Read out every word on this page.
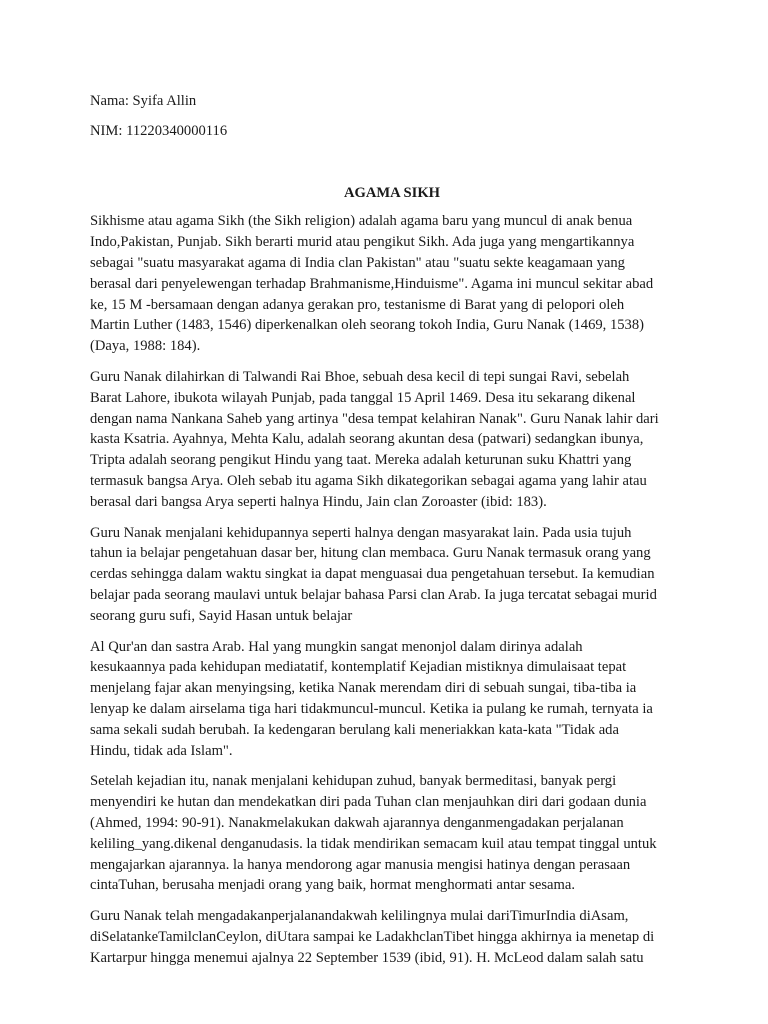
Nama: Syifa Allin

NIM: 11220340000116

AGAMA SIKH

Sikhisme atau agama Sikh (the Sikh religion) adalah agama baru yang muncul di anak benua
Indo,Pakistan, Punjab. Sikh berarti murid atau pengikut Sikh. Ada juga yang mengartikannya
sebagai "suatu masyarakat agama di India clan Pakistan" atau "suatu sekte keagamaan yang
berasal dari penyelewengan terhadap Brahmanisme,Hinduisme". Agama ini muncul sekitar abad
ke, 15 M -bersamaan dengan adanya gerakan pro, testanisme di Barat yang di pelopori oleh
Martin Luther (1483, 1546) diperkenalkan oleh seorang tokoh India, Guru Nanak (1469, 1538)
(Daya, 1988: 184).

Guru Nanak dilahirkan di Talwandi Rai Bhoe, sebuah desa kecil di tepi sungai Ravi, sebelah
Barat Lahore, ibukota wilayah Punjab, pada tanggal 15 April 1469. Desa itu sekarang dikenal
dengan nama Nankana Saheb yang artinya "desa tempat kelahiran Nanak". Guru Nanak lahir dari
kasta Ksatria. Ayahnya, Mehta Kalu, adalah seorang akuntan desa (patwari) sedangkan ibunya,
Tripta adalah seorang pengikut Hindu yang taat. Mereka adalah keturunan suku Khattri yang
termasuk bangsa Arya. Oleh sebab itu agama Sikh dikategorikan sebagai agama yang lahir atau
berasal dari bangsa Arya seperti halnya Hindu, Jain clan Zoroaster (ibid: 183).

Guru Nanak menjalani kehidupannya seperti halnya dengan masyarakat lain. Pada usia tujuh
tahun ia belajar pengetahuan dasar ber, hitung clan membaca. Guru Nanak termasuk orang yang
cerdas sehingga dalam waktu singkat ia dapat menguasai dua pengetahuan tersebut. Ia kemudian
belajar pada seorang maulavi untuk belajar bahasa Parsi clan Arab. Ia juga tercatat sebagai murid
seorang guru sufi, Sayid Hasan untuk belajar

Al Qur'an dan sastra Arab. Hal yang mungkin sangat menonjol dalam dirinya adalah
kesukaannya pada kehidupan mediatatif, kontemplatif Kejadian mistiknya dimulaisaat tepat
menjelang fajar akan menyingsing, ketika Nanak merendam diri di sebuah sungai, tiba-tiba ia
lenyap ke dalam airselama tiga hari tidakmuncul-muncul. Ketika ia pulang ke rumah, ternyata ia
sama sekali sudah berubah. Ia kedengaran berulang kali meneriakkan kata-kata "Tidak ada
Hindu, tidak ada Islam".

Setelah kejadian itu, nanak menjalani kehidupan zuhud, banyak bermeditasi, banyak pergi
menyendiri ke hutan dan mendekatkan diri pada Tuhan clan menjauhkan diri dari godaan dunia
(Ahmed, 1994: 90-91). Nanakmelakukan dakwah ajarannya denganmengadakan perjalanan
keliling_yang.dikenal denganudasis. la tidak mendirikan semacam kuil atau tempat tinggal untuk
mengajarkan ajarannya. la hanya mendorong agar manusia mengisi hatinya dengan perasaan
cintaTuhan, berusaha menjadi orang yang baik, hormat menghormati antar sesama.

Guru Nanak telah mengadakanperjalanandakwah kelilingnya mulai dariTimurIndia diAsam,
diSelatankeTamilclanCeylon, diUtara sampai ke LadakhclanTibet hingga akhirnya ia menetap di
Kartarpur hingga menemui ajalnya 22 September 1539 (ibid, 91). H. McLeod dalam salah satu
